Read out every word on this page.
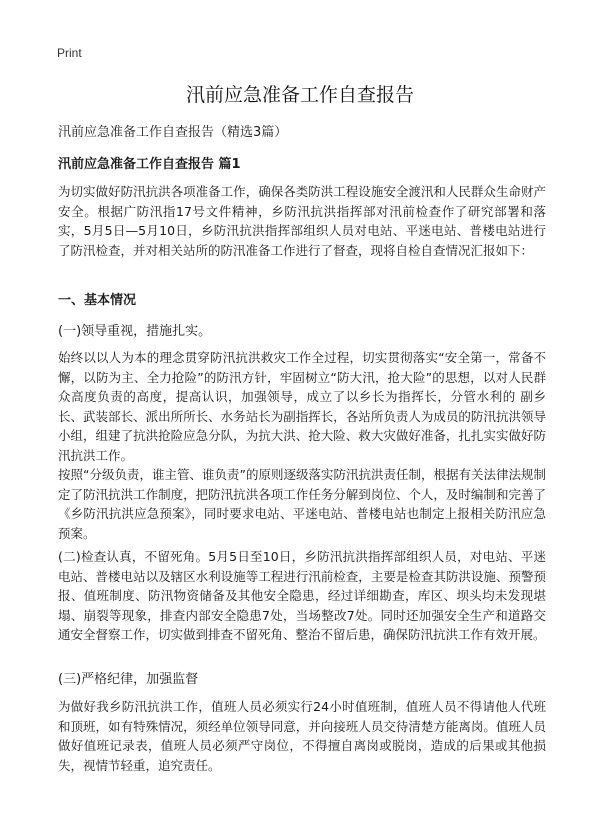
Print
汛前应急准备工作自查报告
汛前应急准备工作自查报告（精选3篇）
汛前应急准备工作自查报告 篇1
为切实做好防汛抗洪各项准备工作，确保各类防洪工程设施安全渡汛和人民群众生命财产安全。根据广防汛指17号文件精神，乡防汛抗洪指挥部对汛前检查作了研究部署和落实，5月5日—5月10日，乡防汛抗洪指挥部组织人员对电站、平迷电站、普楼电站进行了防汛检查，并对相关站所的防汛准备工作进行了督查，现将自检自查情况汇报如下：
一、基本情况
(一)领导重视，措施扎实。
始终以以人为本的理念贯穿防汛抗洪救灾工作全过程，切实贯彻落实“安全第一，常备不懈，以防为主、全力抢险”的防汛方针，牢固树立“防大汛，抢大险”的思想，以对人民群众高度负责的高度，提高认识，加强领导，成立了以乡长为指挥长，分管水利的 副乡长、武装部长、派出所所长、水务站长为副指挥长，各站所负责人为成员的防汛抗洪领导小组，组建了抗洪抢险应急分队，为抗大洪、抢大险、救大灾做好准备，扎扎实实做好防汛抗洪工作。
按照“分级负责，谁主管、谁负责”的原则逐级落实防汛抗洪责任制，根据有关法律法规制定了防汛抗洪工作制度，把防汛抗洪各项工作任务分解到岗位、个人，及时编制和完善了《乡防汛抗洪应急预案》，同时要求电站、平迷电站、普楼电站也制定上报相关防汛应急预案。
(二)检查认真，不留死角。5月5日至10日，乡防汛抗洪指挥部组织人员，对电站、平迷电站、普楼电站以及辖区水利设施等工程进行汛前检查，主要是检查其防洪设施、预警预报、值班制度、防汛物资储备及其他安全隐患，经过详细勘查，库区、坝头均未发现堪塌、崩裂等现象，排查内部安全隐患7处，当场整改7处。同时还加强安全生产和道路交通安全督察工作，切实做到排查不留死角、整治不留后患，确保防汛抗洪工作有效开展。
(三)严格纪律，加强监督
为做好我乡防汛抗洪工作，值班人员必须实行24小时值班制，值班人员不得请他人代班和顶班，如有特殊情况，须经单位领导同意，并向接班人员交待清楚方能离岗。值班人员做好值班记录表，值班人员必须严守岗位，不得擅自离岗或脱岗，造成的后果或其他损失，视情节轻重，追究责任。
